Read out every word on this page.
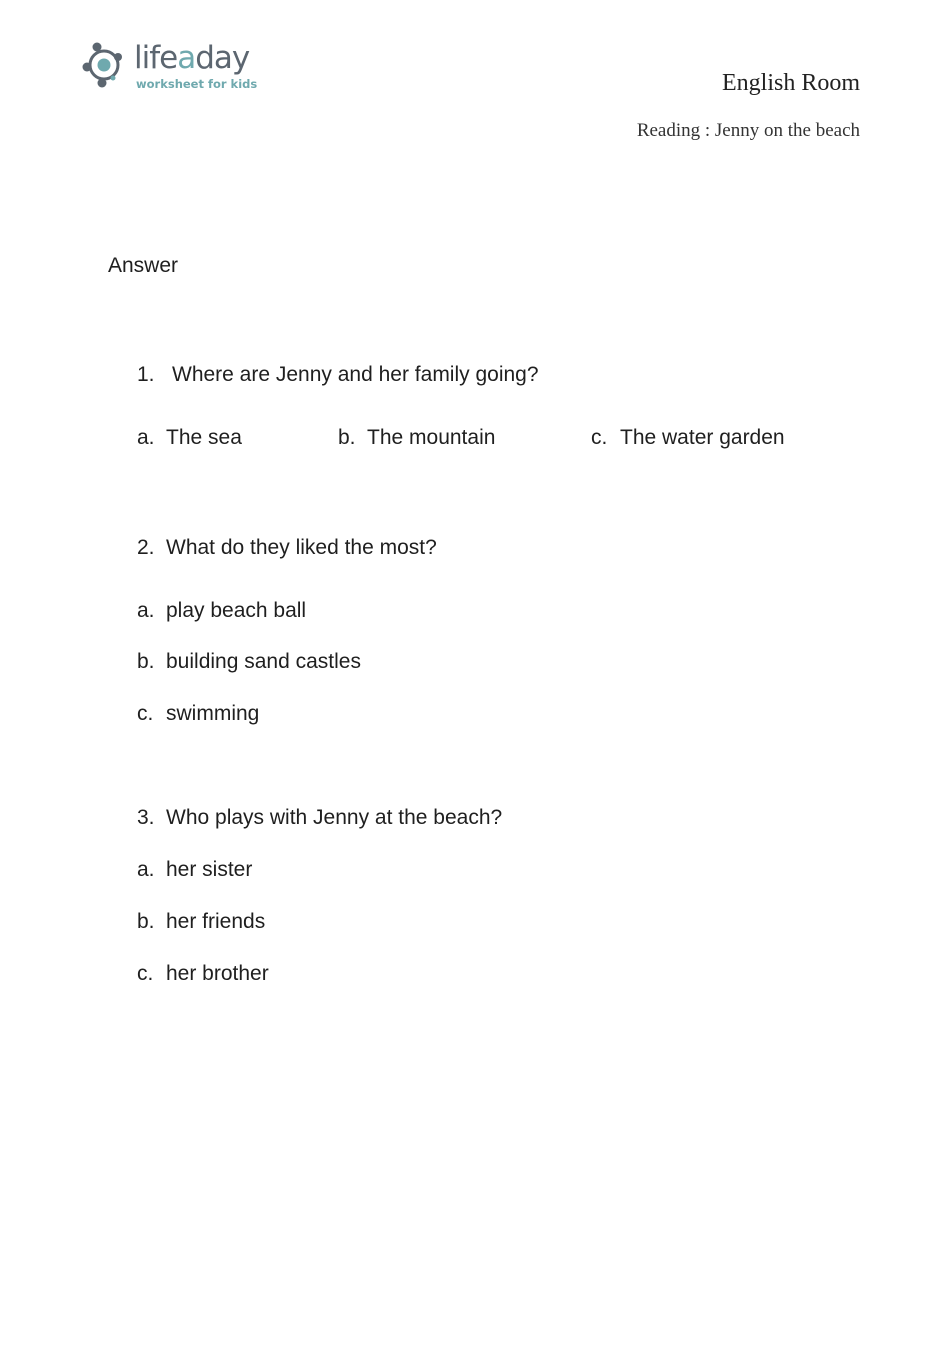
lifeaday
worksheet for kids	English Room
Reading : Jenny on the beach
Answer
1. Where are Jenny and her family going?
a. The sea	b. The mountain	c. The water garden
2. What do they liked the most?
a. play beach ball
b. building sand castles
c. swimming
3. Who plays with Jenny at the beach?
a. her sister
b. her friends
c. her brother
